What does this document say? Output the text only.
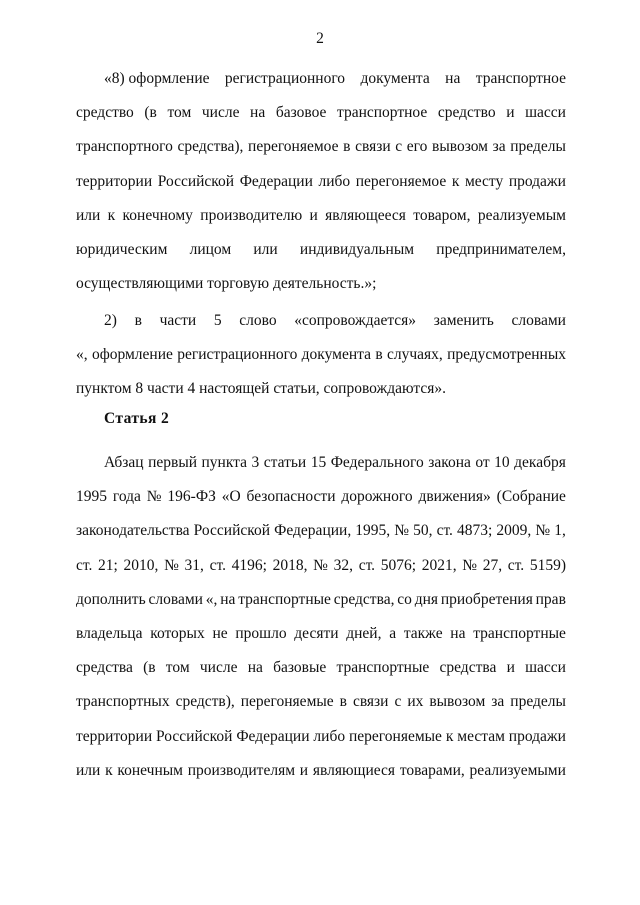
2
«8) оформление регистрационного документа на транспортное
средство (в том числе на базовое транспортное средство и шасси
транспортного средства), перегоняемое в связи с его вывозом за пределы
территории Российской Федерации либо перегоняемое к месту продажи
или к конечному производителю и являющееся товаром, реализуемым
юридическим лицом или индивидуальным предпринимателем,
осуществляющими торговую деятельность.»;
2) в части 5 слово «сопровождается» заменить словами
«, оформление регистрационного документа в случаях, предусмотренных
пунктом 8 части 4 настоящей статьи, сопровождаются».
Статья 2
Абзац первый пункта 3 статьи 15 Федерального закона от 10 декабря
1995 года № 196-ФЗ «О безопасности дорожного движения» (Собрание
законодательства Российской Федерации, 1995, № 50, ст. 4873; 2009, № 1,
ст. 21; 2010, № 31, ст. 4196; 2018, № 32, ст. 5076; 2021, № 27, ст. 5159)
дополнить словами «, на транспортные средства, со дня приобретения прав
владельца которых не прошло десяти дней, а также на транспортные
средства (в том числе на базовые транспортные средства и шасси
транспортных средств), перегоняемые в связи с их вывозом за пределы
территории Российской Федерации либо перегоняемые к местам продажи
или к конечным производителям и являющиеся товарами, реализуемыми
